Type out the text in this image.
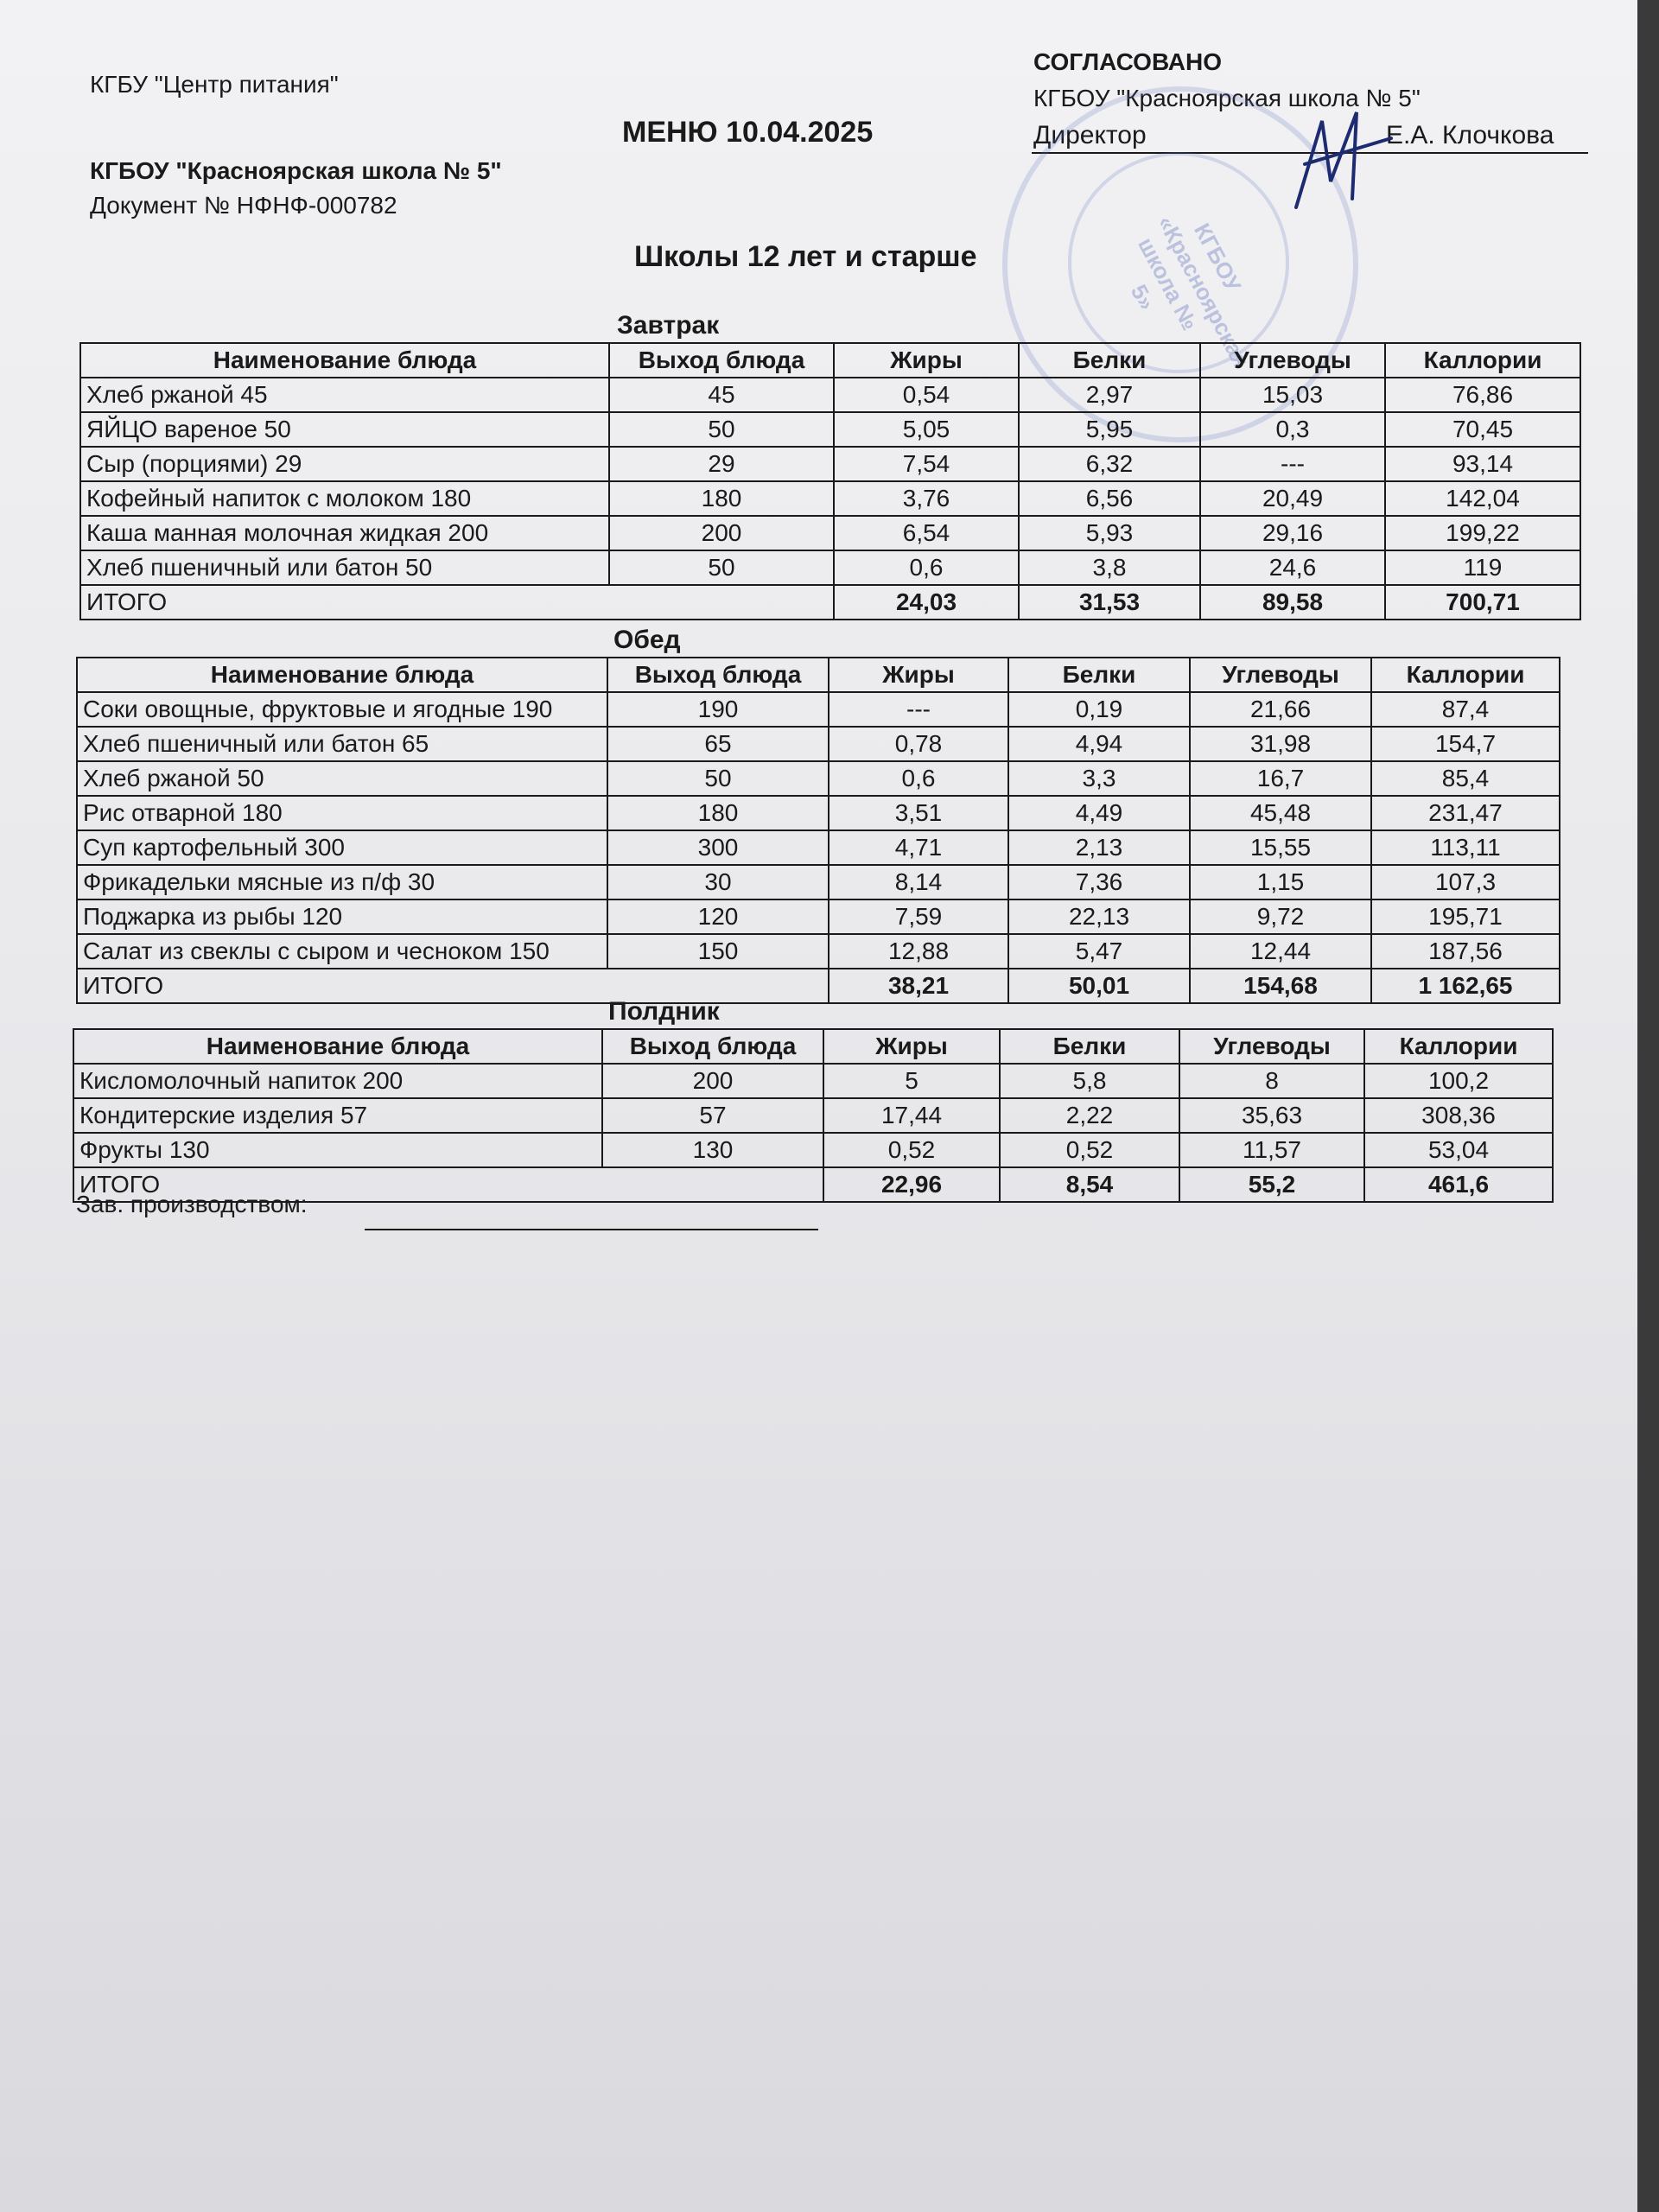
КГБУ "Центр питания"
КГБОУ "Красноярская школа № 5"
Документ № НФНФ-000782
МЕНЮ 10.04.2025
СОГЛАСОВАНО
КГБОУ "Красноярская школа № 5"
Директор	Е.А. Клочкова
КГБОУ «Красноярская школа № 5»
Школы 12 лет и старше
Завтрак
Наименование блюда	Выход блюда	Жиры	Белки	Углеводы	Каллории
Хлеб ржаной 45	45	0,54	2,97	15,03	76,86
ЯЙЦО вареное 50	50	5,05	5,95	0,3	70,45
Сыр (порциями) 29	29	7,54	6,32	---	93,14
Кофейный напиток с молоком 180	180	3,76	6,56	20,49	142,04
Каша манная молочная жидкая 200	200	6,54	5,93	29,16	199,22
Хлеб пшеничный или батон 50	50	0,6	3,8	24,6	119
ИТОГО		24,03	31,53	89,58	700,71
Обед
Наименование блюда	Выход блюда	Жиры	Белки	Углеводы	Каллории
Соки овощные, фруктовые и ягодные 190	190	---	0,19	21,66	87,4
Хлеб пшеничный или батон 65	65	0,78	4,94	31,98	154,7
Хлеб ржаной 50	50	0,6	3,3	16,7	85,4
Рис отварной 180	180	3,51	4,49	45,48	231,47
Суп картофельный 300	300	4,71	2,13	15,55	113,11
Фрикадельки мясные из п/ф 30	30	8,14	7,36	1,15	107,3
Поджарка из рыбы 120	120	7,59	22,13	9,72	195,71
Салат из свеклы с сыром и чесноком 150	150	12,88	5,47	12,44	187,56
ИТОГО		38,21	50,01	154,68	1 162,65
Полдник
Наименование блюда	Выход блюда	Жиры	Белки	Углеводы	Каллории
Кисломолочный напиток 200	200	5	5,8	8	100,2
Кондитерские изделия 57	57	17,44	2,22	35,63	308,36
Фрукты 130	130	0,52	0,52	11,57	53,04
ИТОГО		22,96	8,54	55,2	461,6
Зав. производством:
